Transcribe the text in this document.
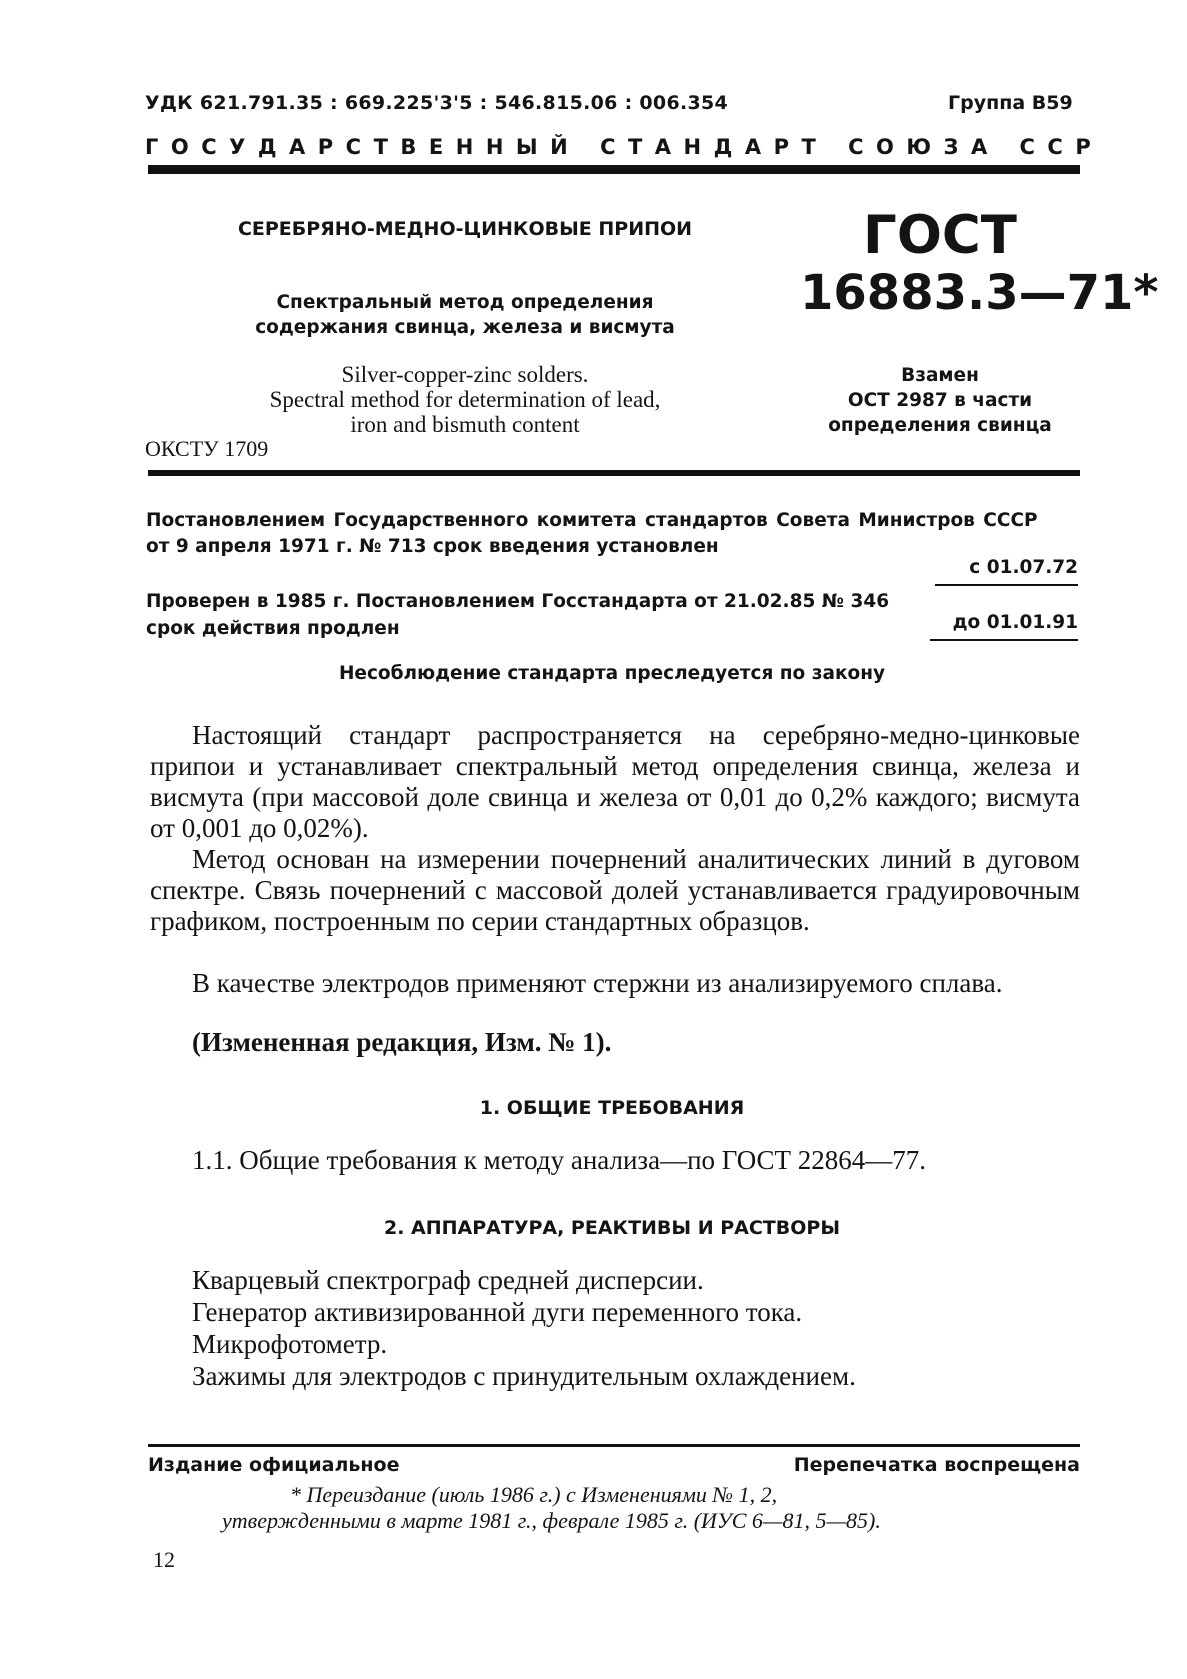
УДК 621.791.35 : 669.225'3'5 : 546.815.06 : 006.354	Группа В59
ГОСУДАРСТВЕННЫЙ СТАНДАРТ СОЮЗА ССР
СЕРЕБРЯНО-МЕДНО-ЦИНКОВЫЕ ПРИПОИ
Спектральный метод определения
содержания свинца, железа и висмута
Silver-copper-zinc solders.
Spectral method for determination of lead,
iron and bismuth content
ОКСТУ 1709
ГОСТ
16883.3—71*
Взамен
ОСТ 2987 в части
определения свинца
Постановлением Государственного комитета стандартов Совета Министров СССР
от 9 апреля 1971 г. № 713 срок введения установлен
с 01.07.72
Проверен в 1985 г. Постановлением Госстандарта от 21.02.85 № 346
срок действия продлен	до 01.01.91
Несоблюдение стандарта преследуется по закону

Настоящий стандарт распространяется на серебряно-медно-цинковые припои и устанавливает спектральный метод определения свинца, железа и висмута (при массовой доле свинца и железа от 0,01 до 0,2% каждого; висмута от 0,001 до 0,02%).

Метод основан на измерении почернений аналитических линий в дуговом спектре. Связь почернений с массовой долей устанавливается градуировочным графиком, построенным по серии стандартных образцов.

В качестве электродов применяют стержни из анализируемого сплава.

(Измененная редакция, Изм. № 1).
1. ОБЩИЕ ТРЕБОВАНИЯ
1.1. Общие требования к методу анализа—по ГОСТ 22864—77.
2. АППАРАТУРА, РЕАКТИВЫ И РАСТВОРЫ
Кварцевый спектрограф средней дисперсии.
Генератор активизированной дуги переменного тока.
Микрофотометр.
Зажимы для электродов с принудительным охлаждением.
Издание официальное	Перепечатка воспрещена
* Переиздание (июль 1986 г.) с Изменениями № 1, 2,
утвержденными в марте 1981 г., феврале 1985 г. (ИУС 6—81, 5—85).
12
